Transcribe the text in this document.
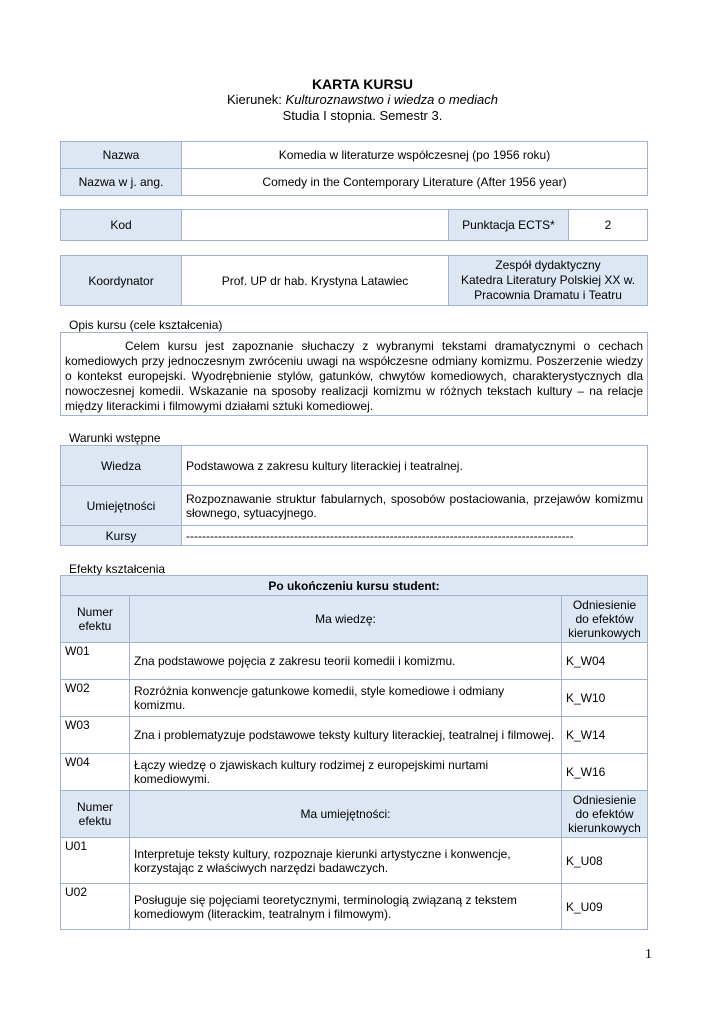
KARTA KURSU
Kierunek: Kulturoznawstwo i wiedza o mediach
Studia I stopnia. Semestr 3.
Nazwa	Komedia w literaturze współczesnej (po 1956 roku)
Nazwa w j. ang.	Comedy in the Contemporary Literature (After 1956 year)
Kod		Punktacja ECTS*	2
Koordynator	Prof. UP dr hab. Krystyna Latawiec	
Zespół dydaktyczny
Katedra Literatury Polskiej XX w.
Pracownia Dramatu i Teatru
Opis kursu (cele kształcenia)
Celem kursu jest zapoznanie słuchaczy z wybranymi tekstami dramatycznymi o cechach komediowych przy jednoczesnym zwróceniu uwagi na współczesne odmiany komizmu. Poszerzenie wiedzy o kontekst europejski. Wyodrębnienie stylów, gatunków, chwytów komediowych, charakterystycznych dla nowoczesnej komedii. Wskazanie na sposoby realizacji komizmu w różnych tekstach kultury – na relacje między literackimi i filmowymi działami sztuki komediowej.
Warunki wstępne
Wiedza	Podstawowa z zakresu kultury literackiej i teatralnej.
Umiejętności	Rozpoznawanie struktur fabularnych, sposobów postaciowania, przejawów komizmu słownego, sytuacyjnego.
Kursy	-------------------------------------------------------------------------------------------------
Efekty kształcenia
Po ukończeniu kursu student:		
Numer efektu	Ma wiedzę:	Odniesienie do efektów kierunkowych
W01	Zna podstawowe pojęcia z zakresu teorii komedii i komizmu.	K_W04
W02	Rozróżnia konwencje gatunkowe komedii, style komediowe i odmiany komizmu.	K_W10
W03	Zna i problematyzuje podstawowe teksty kultury literackiej, teatralnej i filmowej.	K_W14
W04	Łączy wiedzę o zjawiskach kultury rodzimej z europejskimi nurtami komediowymi.	K_W16
Numer efektu	Ma umiejętności:	Odniesienie do efektów kierunkowych
U01	Interpretuje teksty kultury, rozpoznaje kierunki artystyczne i konwencje, korzystając z właściwych narzędzi badawczych.	K_U08
U02	Posługuje się pojęciami teoretycznymi, terminologią związaną z tekstem komediowym (literackim, teatralnym i filmowym).	K_U09
1
